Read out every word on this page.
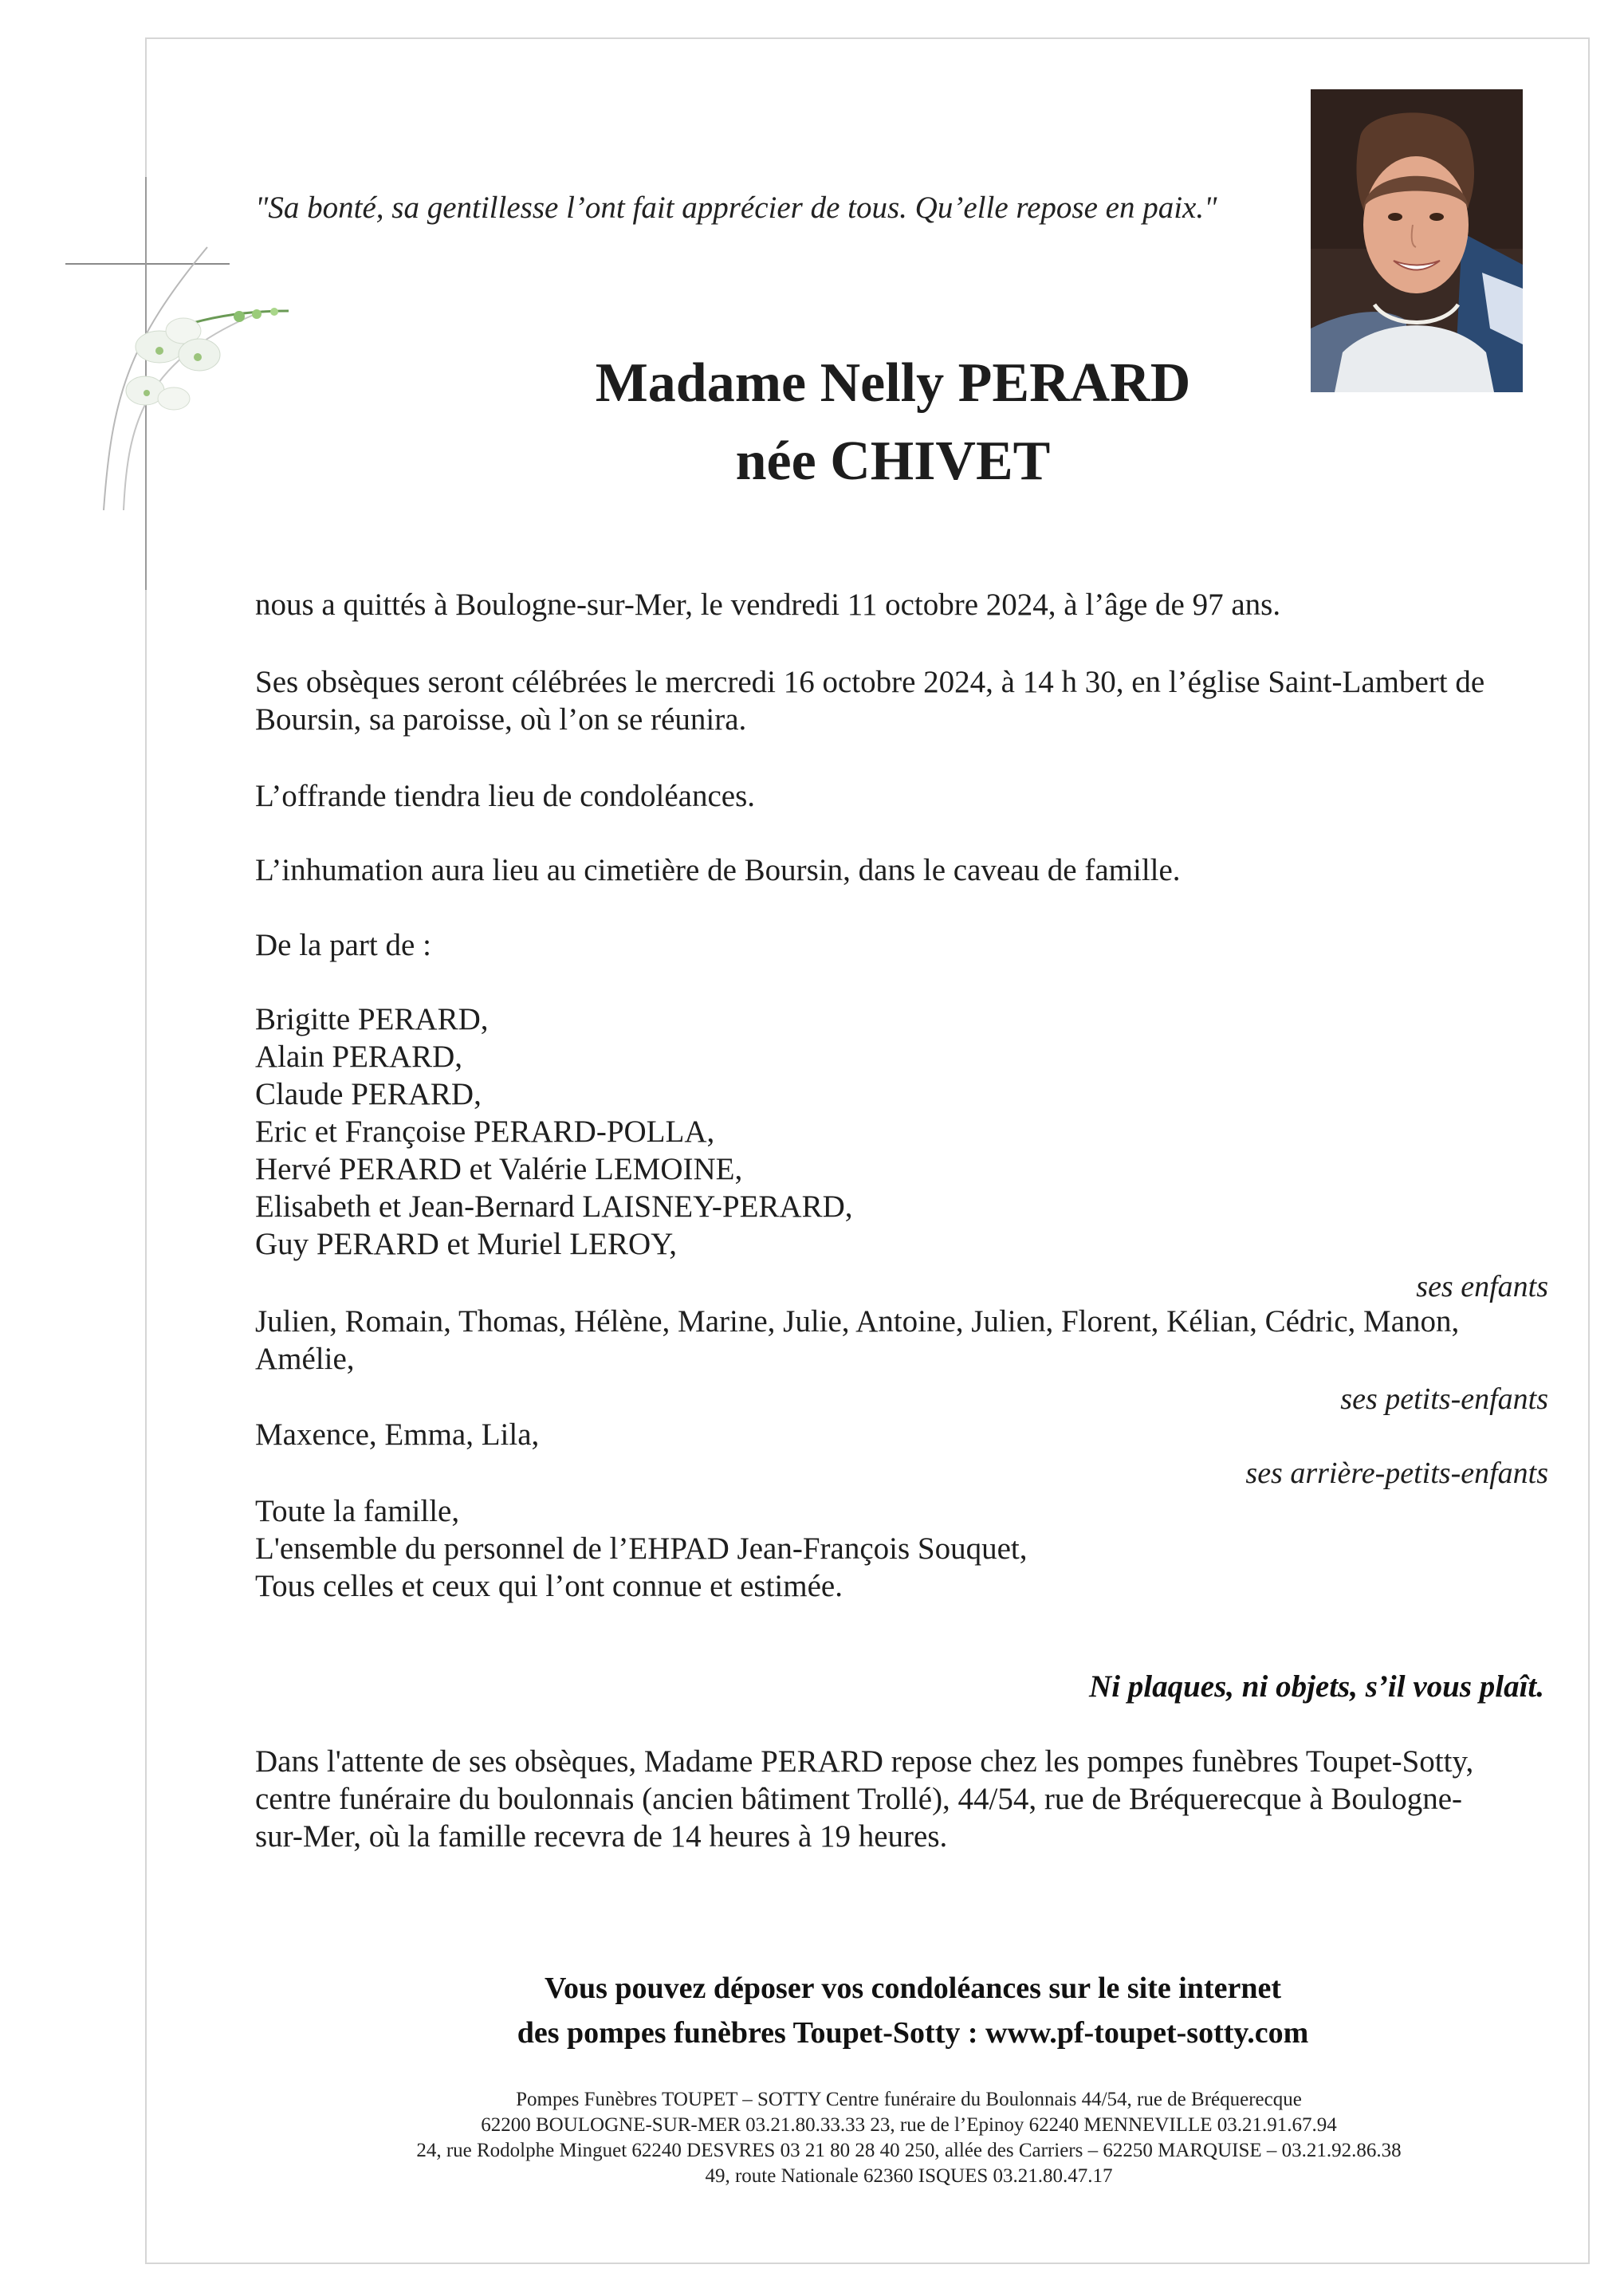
"Sa bonté, sa gentillesse l’ont fait apprécier de tous. Qu’elle repose en paix."
Madame Nelly PERARD
née CHIVET
nous a quittés à Boulogne-sur-Mer, le vendredi 11 octobre 2024, à l’âge de 97 ans.
Ses obsèques seront célébrées le mercredi 16 octobre 2024, à 14 h 30, en l’église Saint-Lambert de
Boursin, sa paroisse, où l’on se réunira.
L’offrande tiendra lieu de condoléances.
L’inhumation aura lieu au cimetière de Boursin, dans le caveau de famille.
De la part de :
Brigitte PERARD,
Alain PERARD,
Claude PERARD,
Eric et Françoise PERARD-POLLA,
Hervé PERARD et Valérie LEMOINE,
Elisabeth et Jean-Bernard LAISNEY-PERARD,
Guy PERARD et Muriel LEROY,
ses enfants
Julien, Romain, Thomas, Hélène, Marine, Julie, Antoine, Julien, Florent, Kélian, Cédric, Manon,
Amélie,
ses petits-enfants
Maxence, Emma, Lila,
ses arrière-petits-enfants
Toute la famille,
L'ensemble du personnel de l’EHPAD Jean-François Souquet,
Tous celles et ceux qui l’ont connue et estimée.
Ni plaques, ni objets, s’il vous plaît.
Dans l'attente de ses obsèques, Madame PERARD repose chez les pompes funèbres Toupet-Sotty,
centre funéraire du boulonnais (ancien bâtiment Trollé), 44/54, rue de Bréquerecque à Boulogne-
sur-Mer, où la famille recevra de 14 heures à 19 heures.
Vous pouvez déposer vos condoléances sur le site internet
des pompes funèbres Toupet-Sotty : www.pf-toupet-sotty.com
Pompes Funèbres TOUPET – SOTTY Centre funéraire du Boulonnais 44/54, rue de Bréquerecque
62200 BOULOGNE-SUR-MER 03.21.80.33.33 23, rue de l’Epinoy 62240 MENNEVILLE 03.21.91.67.94
24, rue Rodolphe Minguet 62240 DESVRES 03 21 80 28 40 250, allée des Carriers – 62250 MARQUISE – 03.21.92.86.38
49, route Nationale 62360 ISQUES 03.21.80.47.17
